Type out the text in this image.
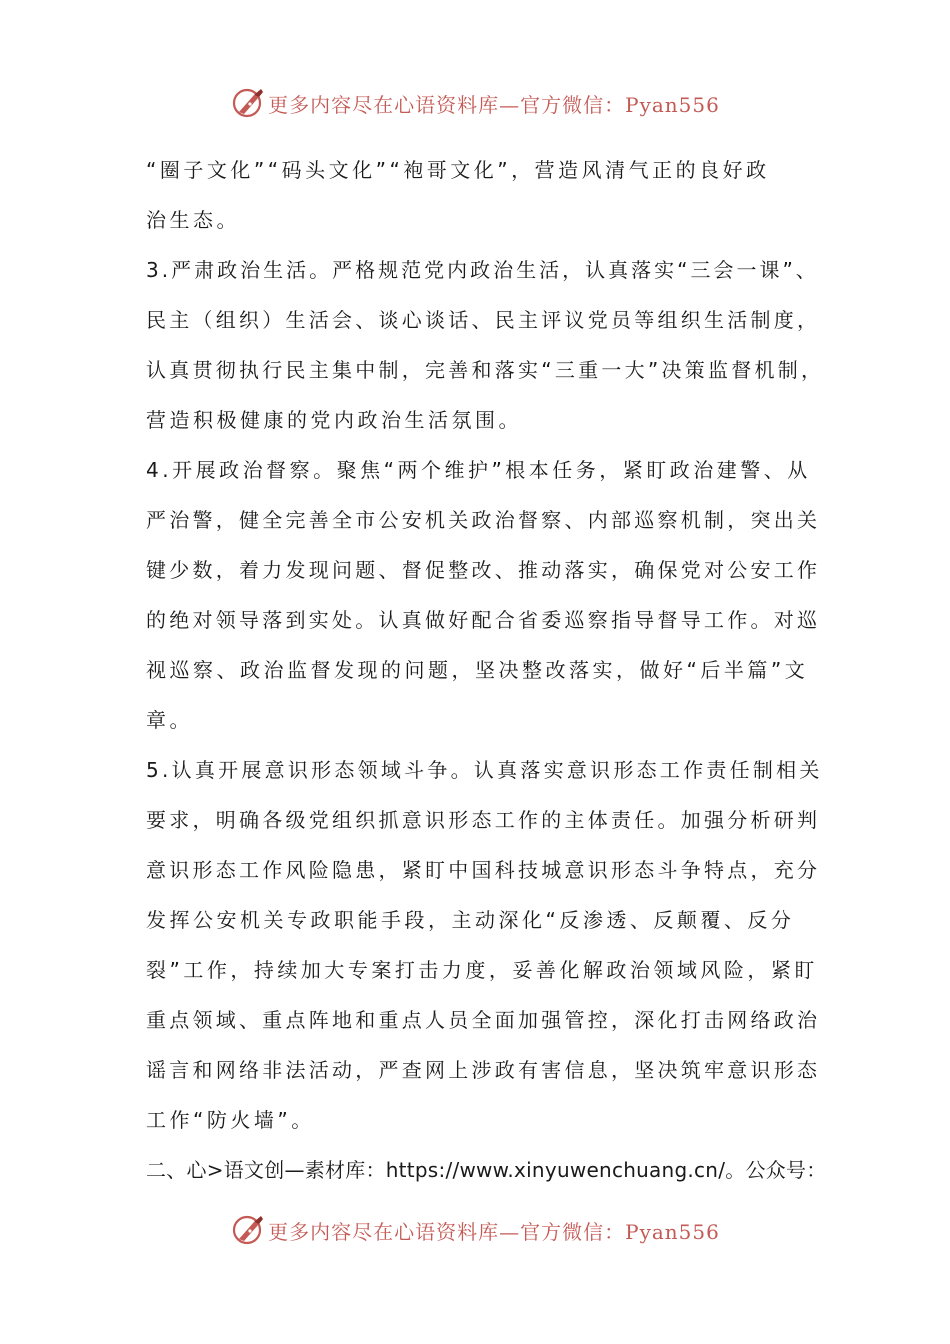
更多内容尽在心语资料库—官方微信：Pyan556
“圈子文化”“码头文化”“袍哥文化”，营造风清气正的良好政
治生态。
3.严肃政治生活。严格规范党内政治生活，认真落实“三会一课”、
民主（组织）生活会、谈心谈话、民主评议党员等组织生活制度，
认真贯彻执行民主集中制，完善和落实“三重一大”决策监督机制，
营造积极健康的党内政治生活氛围。
4.开展政治督察。聚焦“两个维护”根本任务，紧盯政治建警、从
严治警，健全完善全市公安机关政治督察、内部巡察机制，突出关
键少数，着力发现问题、督促整改、推动落实，确保党对公安工作
的绝对领导落到实处。认真做好配合省委巡察指导督导工作。对巡
视巡察、政治监督发现的问题，坚决整改落实，做好“后半篇”文
章。
5.认真开展意识形态领域斗争。认真落实意识形态工作责任制相关
要求，明确各级党组织抓意识形态工作的主体责任。加强分析研判
意识形态工作风险隐患，紧盯中国科技城意识形态斗争特点，充分
发挥公安机关专政职能手段，主动深化“反渗透、反颠覆、反分
裂”工作，持续加大专案打击力度，妥善化解政治领域风险，紧盯
重点领域、重点阵地和重点人员全面加强管控，深化打击网络政治
谣言和网络非法活动，严查网上涉政有害信息，坚决筑牢意识形态
工作“防火墙”。
二、心>语文创—素材库：https://www.xinyuwenchuang.cn/。公众号：
更多内容尽在心语资料库—官方微信：Pyan556
